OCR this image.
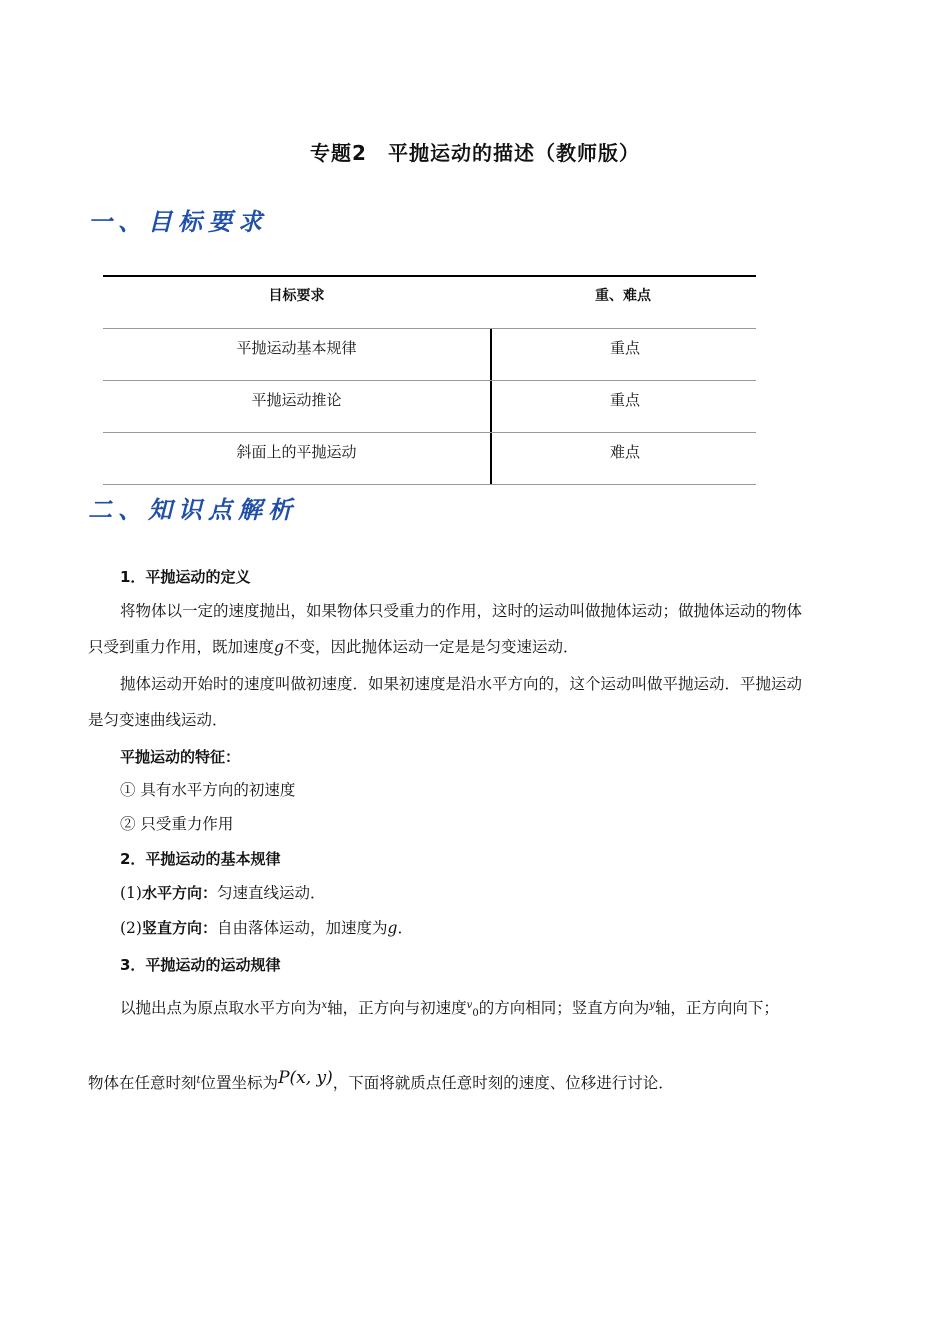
专题2　平抛运动的描述（教师版）
一、目标要求
目标要求	重、难点
平抛运动基本规律	重点
平抛运动推论	重点
斜面上的平抛运动	难点
二、知识点解析
1．平抛运动的定义
将物体以一定的速度抛出，如果物体只受重力的作用，这时的运动叫做抛体运动；做抛体运动的物体
只受到重力作用，既加速度g不变，因此抛体运动一定是是匀变速运动．
抛体运动开始时的速度叫做初速度．如果初速度是沿水平方向的，这个运动叫做平抛运动．平抛运动
是匀变速曲线运动．
平抛运动的特征：
① 具有水平方向的初速度
② 只受重力作用
2．平抛运动的基本规律
(1)水平方向：匀速直线运动．
(2)竖直方向：自由落体运动，加速度为g．
3．平抛运动的运动规律
以抛出点为原点取水平方向为$^x$轴，正方向与初速度$^v_0$的方向相同；竖直方向为$^y$轴，正方向向下；
物体在任意时刻$^t$位置坐标为P(x, y)，下面将就质点任意时刻的速度、位移进行讨论．
